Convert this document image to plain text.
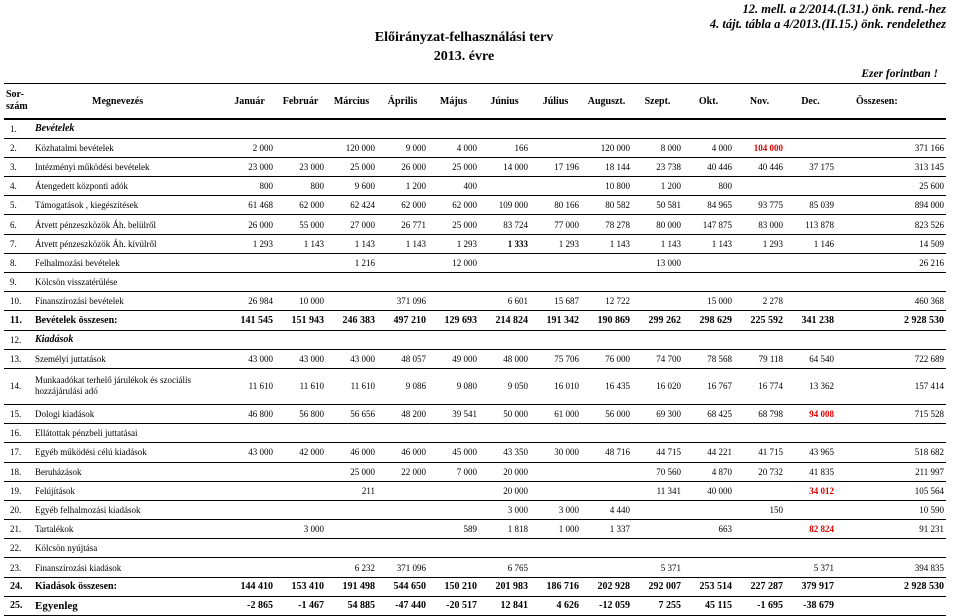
Előirányzat-felhasználási terv
2013. évre
12. mell. a 2/2014.(I.31.) önk. rend.-hez
4. tájt. tábla a 4/2013.(II.15.) önk. rendelethez
Ezer forintban !
Sor-szám	Megnevezés	Január	Február	Március	Április	Május	Június	Július	Auguszt.	Szept.	Okt.	Nov.	Dec.	Összesen:
1.	Bevételek													
2.	Közhatalmi bevételek	2 000		120 000	9 000	4 000	166		120 000	8 000	4 000	104 000		371 166
3.	Intézményi működési bevételek	23 000	23 000	25 000	26 000	25 000	14 000	17 196	18 144	23 738	40 446	40 446	37 175	313 145
4.	Átengedett központi adók	800	800	9 600	1 200	400			10 800	1 200	800			25 600
5.	Támogatások , kiegészítések	61 468	62 000	62 424	62 000	62 000	109 000	80 166	80 582	50 581	84 965	93 775	85 039	894 000
6.	Átvett pénzeszközök Áh. belülről	26 000	55 000	27 000	26 771	25 000	83 724	77 000	78 278	80 000	147 875	83 000	113 878	823 526
7.	Átvett pénzeszközök Áh. kívülről	1 293	1 143	1 143	1 143	1 293	1 333	1 293	1 143	1 143	1 143	1 293	1 146	14 509
8.	Felhalmozási bevételek			1 216		12 000				13 000				26 216
9.	Kölcsön visszatérülése													
10.	Finanszírozási bevételek	26 984	10 000		371 096		6 601	15 687	12 722		15 000	2 278		460 368
11.	Bevételek összesen:	141 545	151 943	246 383	497 210	129 693	214 824	191 342	190 869	299 262	298 629	225 592	341 238	2 928 530
12.	Kiadások													
13.	Személyi juttatások	43 000	43 000	43 000	48 057	49 000	48 000	75 706	76 000	74 700	78 568	79 118	64 540	722 689
14.	Munkaadókat terhelő járulékok és szociális hozzájárulási adó	11 610	11 610	11 610	9 086	9 080	9 050	16 010	16 435	16 020	16 767	16 774	13 362	157 414
15.	Dologi kiadások	46 800	56 800	56 656	48 200	39 541	50 000	61 000	56 000	69 300	68 425	68 798	94 008	715 528
16.	Ellátottak pénzbeli juttatásai													
17.	Egyéb működési célú kiadások	43 000	42 000	46 000	46 000	45 000	43 350	30 000	48 716	44 715	44 221	41 715	43 965	518 682
18.	Beruházások			25 000	22 000	7 000	20 000			70 560	4 870	20 732	41 835	211 997
19.	Felújítások			211			20 000			11 341	40 000		34 012	105 564
20.	Egyéb felhalmozási kiadások						3 000	3 000	4 440			150		10 590
21.	Tartalékok		3 000			589	1 818	1 000	1 337		663		82 824	91 231
22.	Kölcsön nyújtása													
23.	Finanszírozási kiadások			6 232	371 096		6 765			5 371			5 371	394 835
24.	Kiadások összesen:	144 410	153 410	191 498	544 650	150 210	201 983	186 716	202 928	292 007	253 514	227 287	379 917	2 928 530
25.	Egyenleg	-2 865	-1 467	54 885	-47 440	-20 517	12 841	4 626	-12 059	7 255	45 115	-1 695	-38 679	
